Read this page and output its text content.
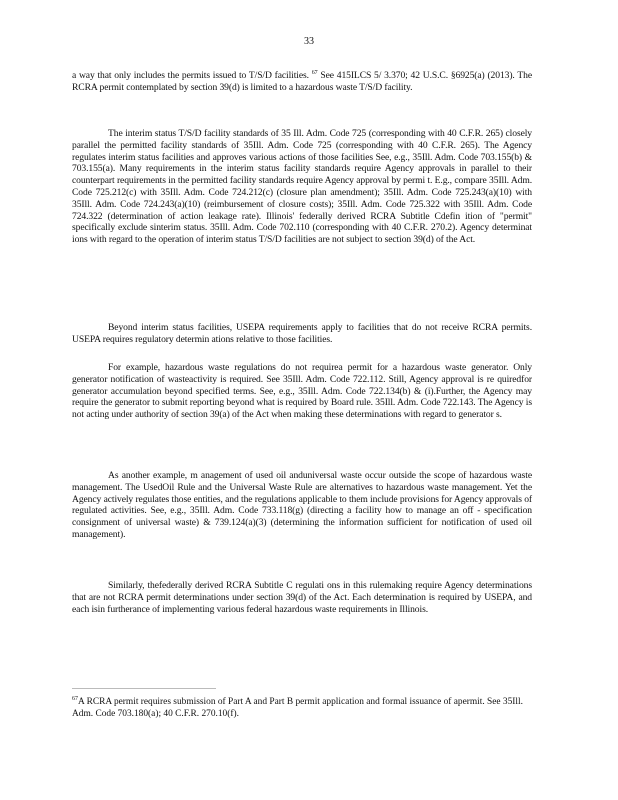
33

a way that only includes the permits issued to T/S/D facilities. $^{67}$ See 415ILCS 5/ 3.370; 42 U.S.C. §6925(a) (2013). The RCRA permit contemplated by section 39(d) is limited to a hazardous waste T/S/D facility.

The interim status T/S/D facility standards of 35 Ill. Adm. Code 725 (corresponding with 40 C.F.R. 265) closely parallel the permitted facility standards of 35Ill. Adm. Code 725 (corresponding with 40 C.F.R. 265). The Agency regulates interim status facilities and approves various actions of those facilities See, e.g., 35Ill. Adm. Code 703.155(b) & 703.155(a). Many requirements in the interim status facility standards require Agency approvals in parallel to their counterpart requirements in the permitted facility standards require Agency approval by permi t. E.g., compare 35Ill. Adm. Code 725.212(c) with 35Ill. Adm. Code 724.212(c) (closure plan amendment); 35Ill. Adm. Code 725.243(a)(10) with 35Ill. Adm. Code 724.243(a)(10) (reimbursement of closure costs); 35Ill. Adm. Code 725.322 with 35Ill. Adm. Code 724.322 (determination of action leakage rate). Illinois' federally derived RCRA Subtitle Cdefin ition of "permit" specifically exclude sinterim status. 35Ill. Adm. Code 702.110 (corresponding with 40 C.F.R. 270.2). Agency determinat ions with regard to the operation of interim status T/S/D facilities are not subject to section 39(d) of the Act.

Beyond interim status facilities, USEPA requirements apply to facilities that do not receive RCRA permits. USEPA requires regulatory determin ations relative to those facilities.

For example, hazardous waste regulations do not requirea permit for a hazardous waste generator. Only generator notification of wasteactivity is required. See 35Ill. Adm. Code 722.112. Still, Agency approval is re quiredfor generator accumulation beyond specified terms. See, e.g., 35Ill. Adm. Code 722.134(b) & (i).Further, the Agency may require the generator to submit reporting beyond what is required by Board rule. 35Ill. Adm. Code 722.143. The Agency is not acting under authority of section 39(a) of the Act when making these determinations with regard to generator s.

As another example, m anagement of used oil anduniversal waste occur outside the scope of hazardous waste management. The UsedOil Rule and the Universal Waste Rule are alternatives to hazardous waste management. Yet the Agency actively regulates those entities, and the regulations applicable to them include provisions for Agency approvals of regulated activities. See, e.g., 35Ill. Adm. Code 733.118(g) (directing a facility how to manage an off - specification consignment of universal waste) & 739.124(a)(3) (determining the information sufficient for notification of used oil management).

Similarly, thefederally derived RCRA Subtitle C regulati ons in this rulemaking require Agency determinations that are not RCRA permit determinations under section 39(d) of the Act. Each determination is required by USEPA, and each isin furtherance of implementing various federal hazardous waste requirements in Illinois.

$^{67}$A RCRA permit requires submission of Part A and Part B permit application and formal issuance of apermit. See 35Ill. Adm. Code 703.180(a); 40 C.F.R. 270.10(f).
